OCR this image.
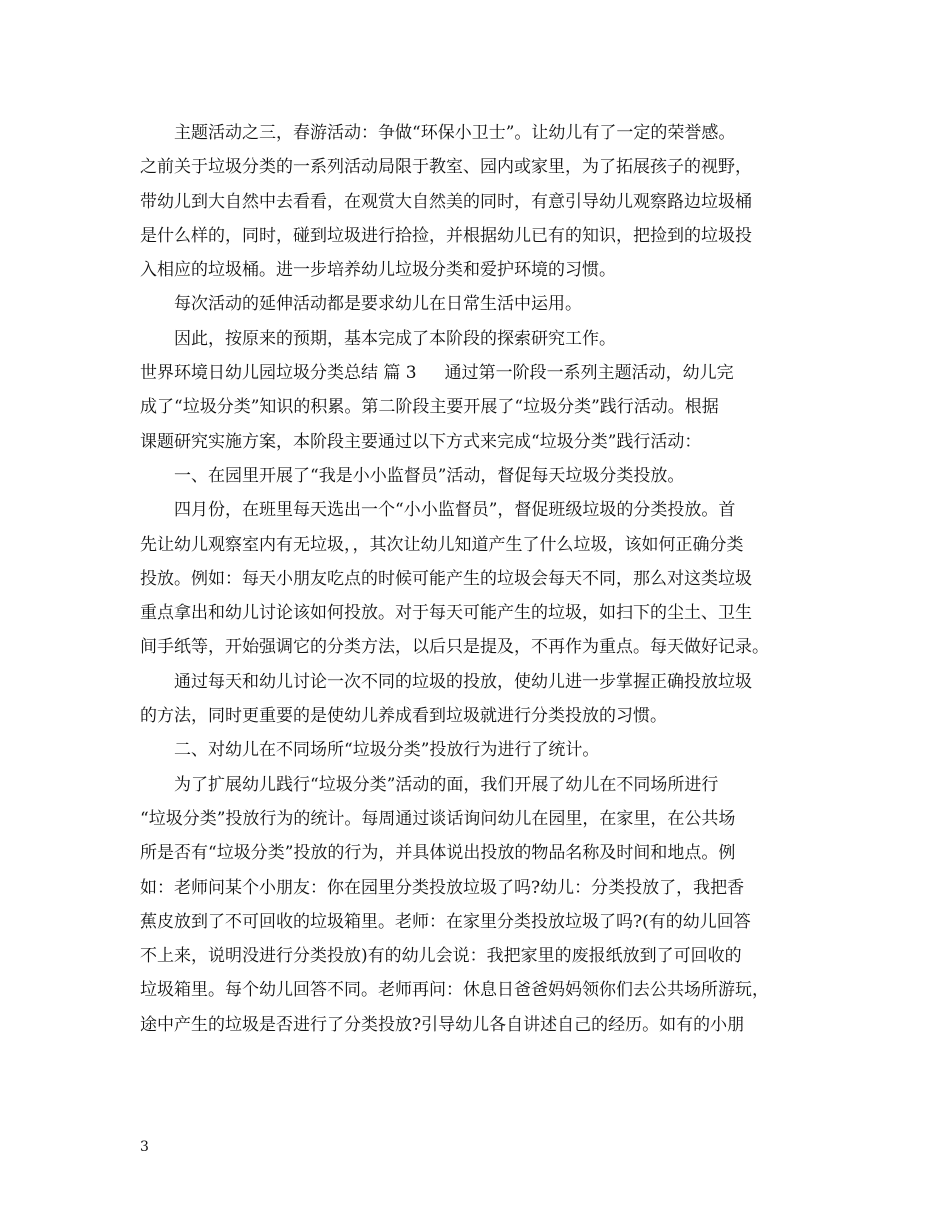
主题活动之三，春游活动：争做“环保小卫士”。让幼儿有了一定的荣誉感。
之前关于垃圾分类的一系列活动局限于教室、园内或家里，为了拓展孩子的视野，
带幼儿到大自然中去看看，在观赏大自然美的同时，有意引导幼儿观察路边垃圾桶
是什么样的，同时，碰到垃圾进行拾捡，并根据幼儿已有的知识，把捡到的垃圾投
入相应的垃圾桶。进一步培养幼儿垃圾分类和爱护环境的习惯。
每次活动的延伸活动都是要求幼儿在日常生活中运用。
因此，按原来的预期，基本完成了本阶段的探索研究工作。
世界环境日幼儿园垃圾分类总结 篇 3 通过第一阶段一系列主题活动，幼儿完
成了“垃圾分类”知识的积累。第二阶段主要开展了“垃圾分类”践行活动。根据
课题研究实施方案，本阶段主要通过以下方式来完成“垃圾分类”践行活动：
一、在园里开展了“我是小小监督员”活动，督促每天垃圾分类投放。
四月份，在班里每天选出一个“小小监督员”，督促班级垃圾的分类投放。首
先让幼儿观察室内有无垃圾，，其次让幼儿知道产生了什么垃圾，该如何正确分类
投放。例如：每天小朋友吃点的时候可能产生的垃圾会每天不同，那么对这类垃圾
重点拿出和幼儿讨论该如何投放。对于每天可能产生的垃圾，如扫下的尘土、卫生
间手纸等，开始强调它的分类方法，以后只是提及，不再作为重点。每天做好记录。
通过每天和幼儿讨论一次不同的垃圾的投放，使幼儿进一步掌握正确投放垃圾
的方法，同时更重要的是使幼儿养成看到垃圾就进行分类投放的习惯。
二、对幼儿在不同场所“垃圾分类”投放行为进行了统计。
为了扩展幼儿践行“垃圾分类”活动的面，我们开展了幼儿在不同场所进行
“垃圾分类”投放行为的统计。每周通过谈话询问幼儿在园里，在家里，在公共场
所是否有“垃圾分类”投放的行为，并具体说出投放的物品名称及时间和地点。例
如：老师问某个小朋友：你在园里分类投放垃圾了吗?幼儿：分类投放了，我把香
蕉皮放到了不可回收的垃圾箱里。老师：在家里分类投放垃圾了吗?(有的幼儿回答
不上来，说明没进行分类投放)有的幼儿会说：我把家里的废报纸放到了可回收的
垃圾箱里。每个幼儿回答不同。老师再问：休息日爸爸妈妈领你们去公共场所游玩，
途中产生的垃圾是否进行了分类投放?引导幼儿各自讲述自己的经历。如有的小朋
3
